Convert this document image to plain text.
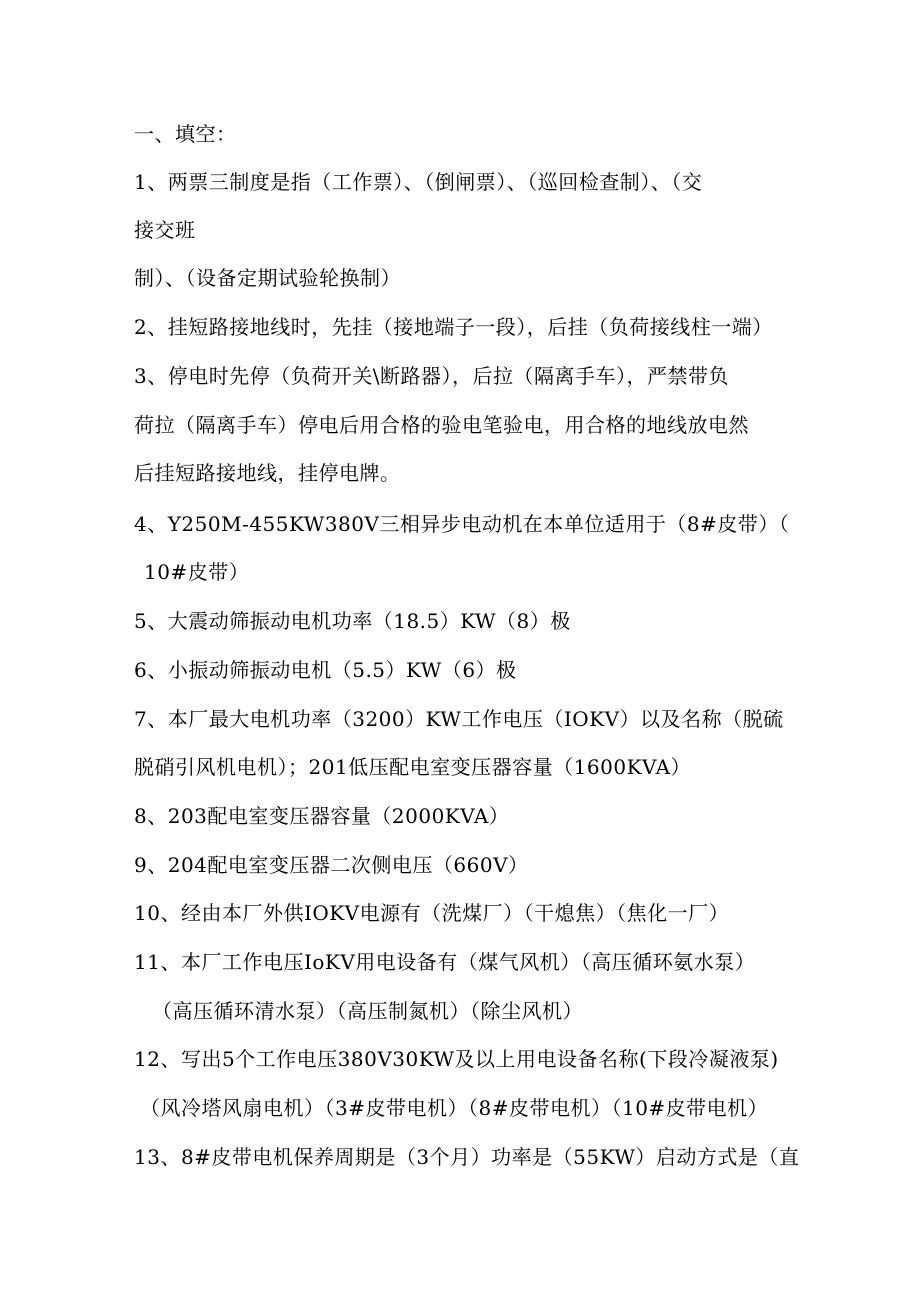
一、填空：
1、两票三制度是指（工作票）、（倒闸票）、（巡回检查制）、（交
接交班
制）、（设备定期试验轮换制）
2、挂短路接地线时，先挂（接地端子一段），后挂（负荷接线柱一端）
3、停电时先停（负荷开关\断路器），后拉（隔离手车），严禁带负
荷拉（隔离手车）停电后用合格的验电笔验电，用合格的地线放电然
后挂短路接地线，挂停电牌。
4、Y250M-455KW380V三相异步电动机在本单位适用于（8#皮带）（
10#皮带）
5、大震动筛振动电机功率（18.5）KW（8）极
6、小振动筛振动电机（5.5）KW（6）极
7、本厂最大电机功率（3200）KW工作电压（IOKV）以及名称（脱硫
脱硝引风机电机）；201低压配电室变压器容量（1600KVA）
8、203配电室变压器容量（2000KVA）
9、204配电室变压器二次侧电压（660V）
10、经由本厂外供IOKV电源有（洗煤厂）（干熄焦）（焦化一厂）
11、本厂工作电压IoKV用电设备有（煤气风机）（高压循环氨水泵）
（高压循环清水泵）（高压制氮机）（除尘风机）
12、写出5个工作电压380V30KW及以上用电设备名称(下段冷凝液泵)
（风冷塔风扇电机）（3#皮带电机）（8#皮带电机）（10#皮带电机）
13、8#皮带电机保养周期是（3个月）功率是（55KW）启动方式是（直
